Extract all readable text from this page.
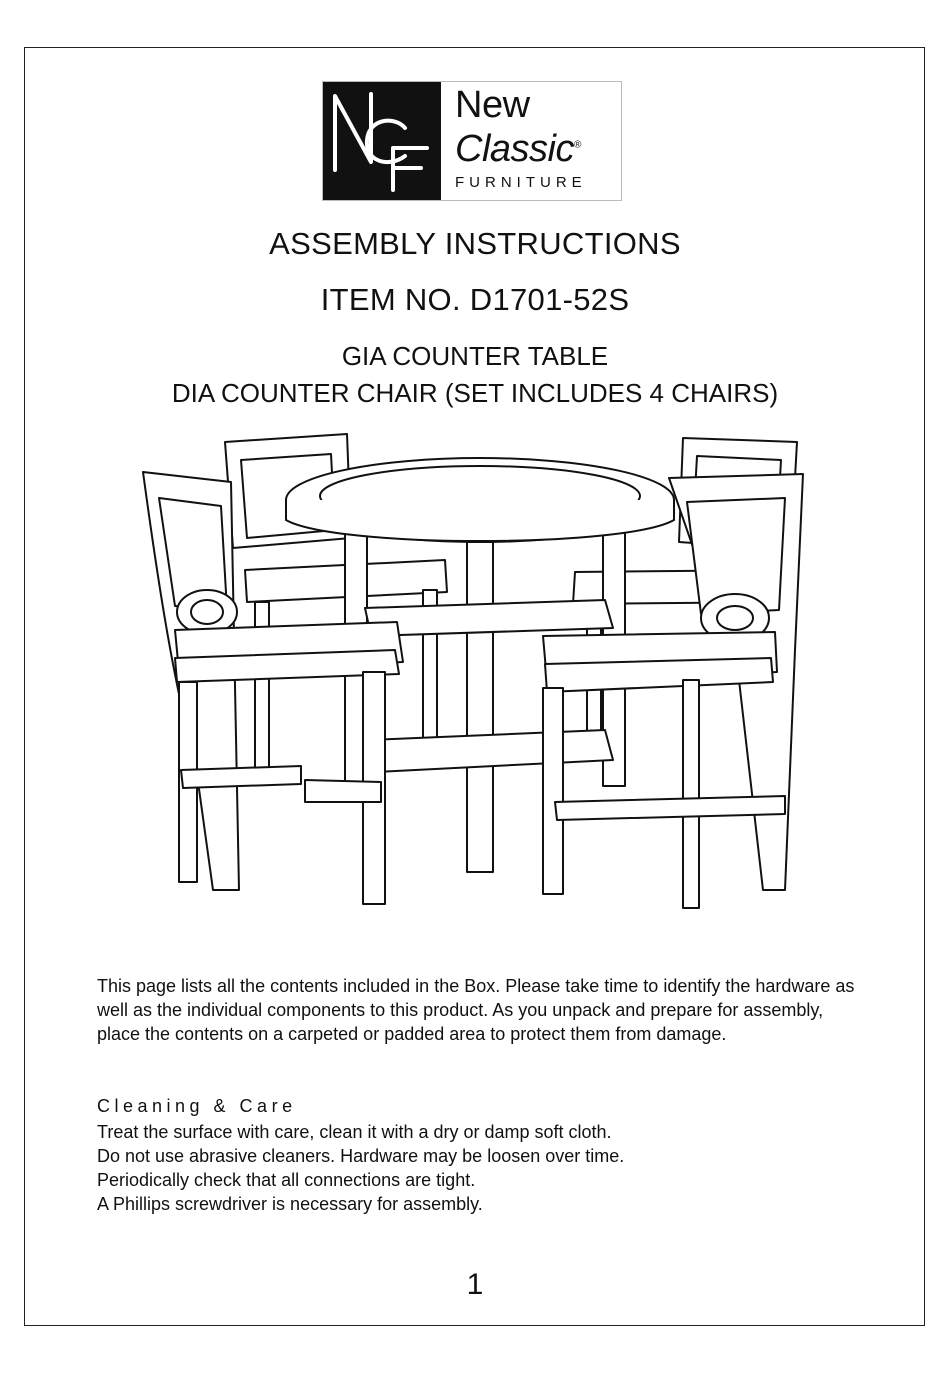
New
Classic®
FURNITURE
ASSEMBLY INSTRUCTIONS
ITEM NO. D1701-52S
GIA COUNTER TABLE
DIA COUNTER CHAIR (SET INCLUDES 4 CHAIRS)

This page lists all the contents included in the Box. Please take time to identify the hardware as well as the individual components to this product. As you unpack and prepare for assembly, place the contents on a carpeted or padded area to protect them from damage.

Cleaning & Care
Treat the surface with care, clean it with a dry or damp soft cloth.
Do not use abrasive cleaners. Hardware may be loosen over time.
Periodically check that all connections are tight.
A Phillips screwdriver is necessary for assembly.
1
